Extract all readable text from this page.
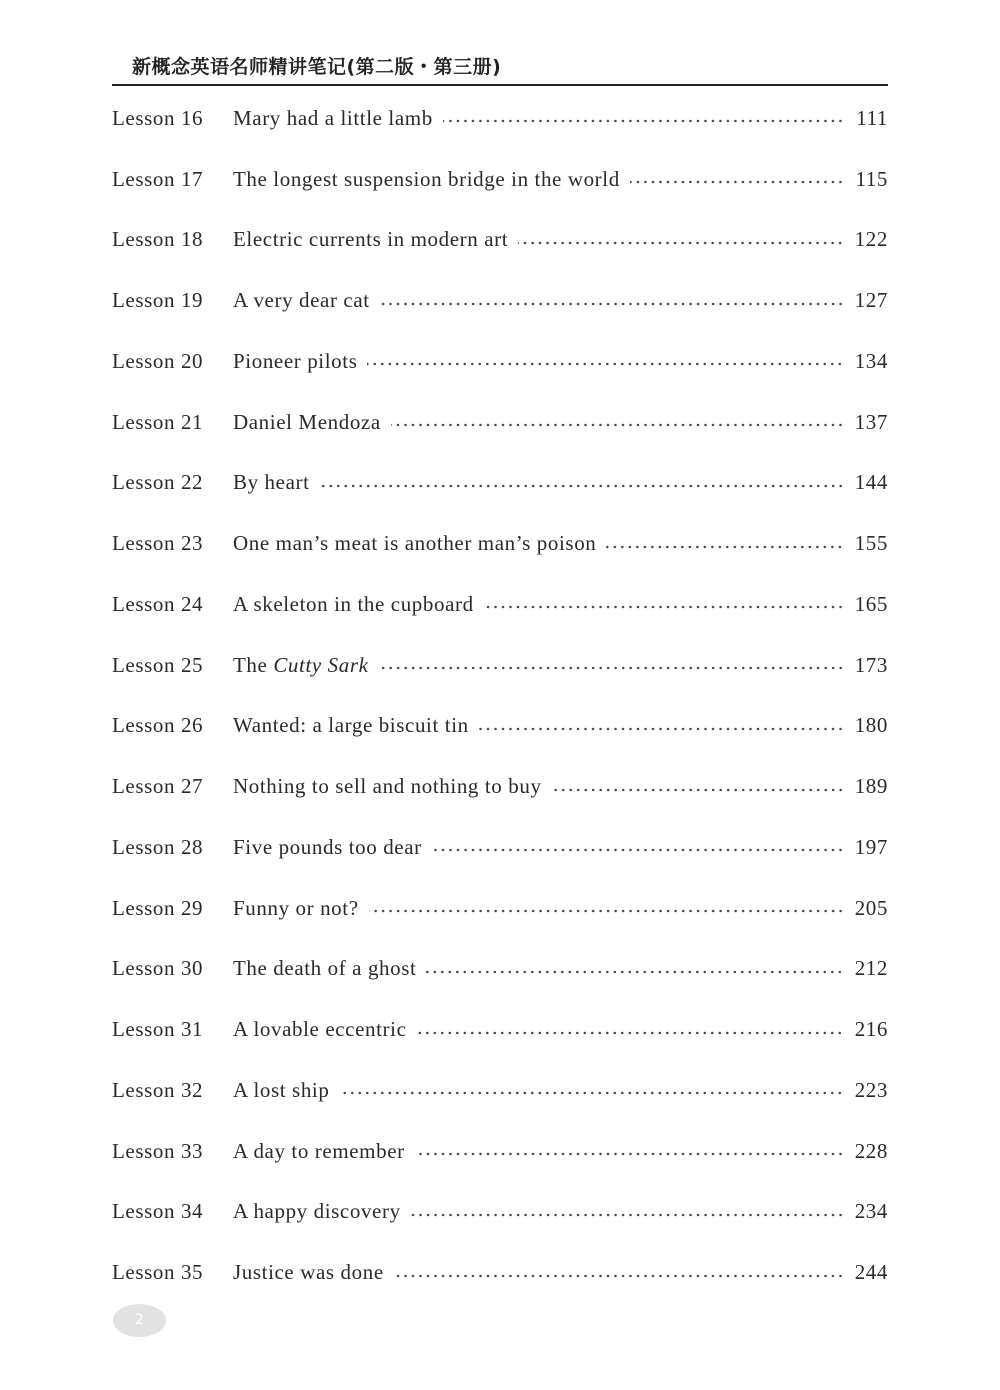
新概念英语名师精讲笔记(第二版・第三册)
Lesson 16	Mary had a little lamb	111
Lesson 17	The longest suspension bridge in the world	115
Lesson 18	Electric currents in modern art	122
Lesson 19	A very dear cat	127
Lesson 20	Pioneer pilots	134
Lesson 21	Daniel Mendoza	137
Lesson 22	By heart	144
Lesson 23	One man’s meat is another man’s poison	155
Lesson 24	A skeleton in the cupboard	165
Lesson 25	The Cutty Sark	173
Lesson 26	Wanted: a large biscuit tin	180
Lesson 27	Nothing to sell and nothing to buy	189
Lesson 28	Five pounds too dear	197
Lesson 29	Funny or not?	205
Lesson 30	The death of a ghost	212
Lesson 31	A lovable eccentric	216
Lesson 32	A lost ship	223
Lesson 33	A day to remember	228
Lesson 34	A happy discovery	234
Lesson 35	Justice was done	244
2
